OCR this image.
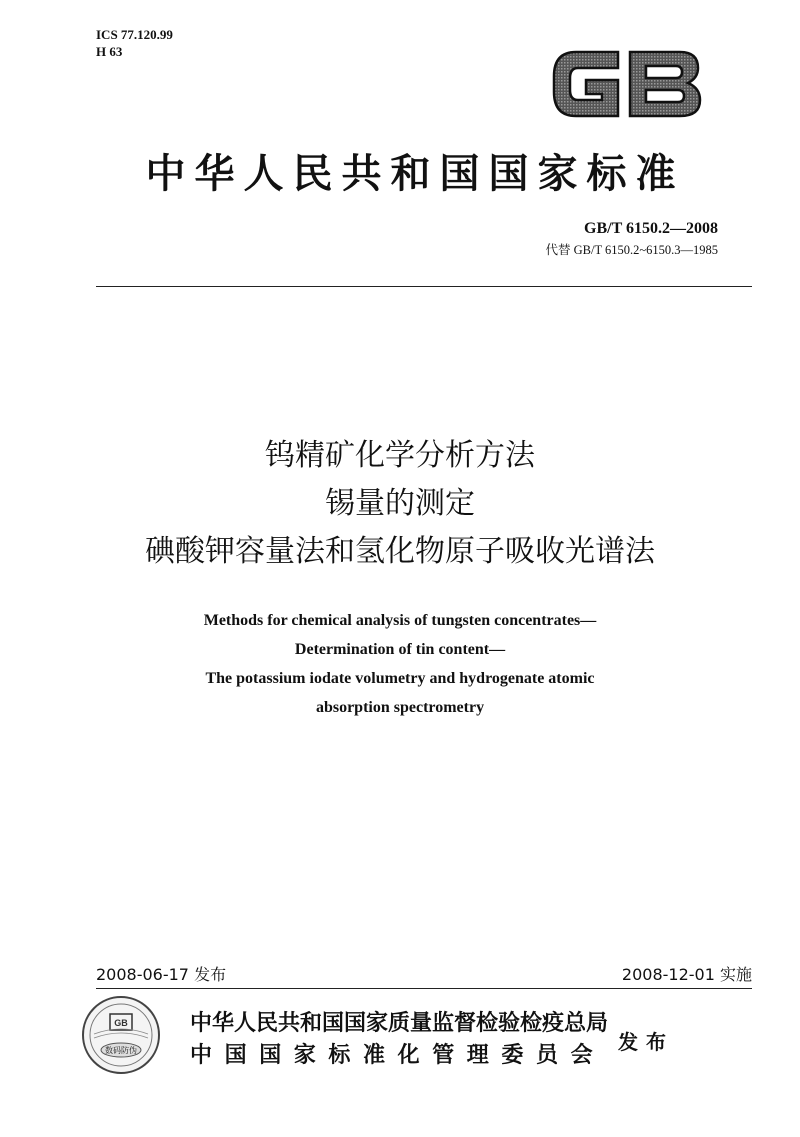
ICS 77.120.99
H 63
中华人民共和国国家标准
GB/T 6150.2—2008
代替 GB/T 6150.2~6150.3—1985
钨精矿化学分析方法
锡量的测定
碘酸钾容量法和氢化物原子吸收光谱法
Methods for chemical analysis of tungsten concentrates—
Determination of tin content—
The potassium iodate volumetry and hydrogenate atomic
absorption spectrometry
2008-06-17 发布	2008-12-01 实施
GB
数码防伪
中华人民共和国国家质量监督检验检疫总局
中国国家标准化管理委员会
发布
